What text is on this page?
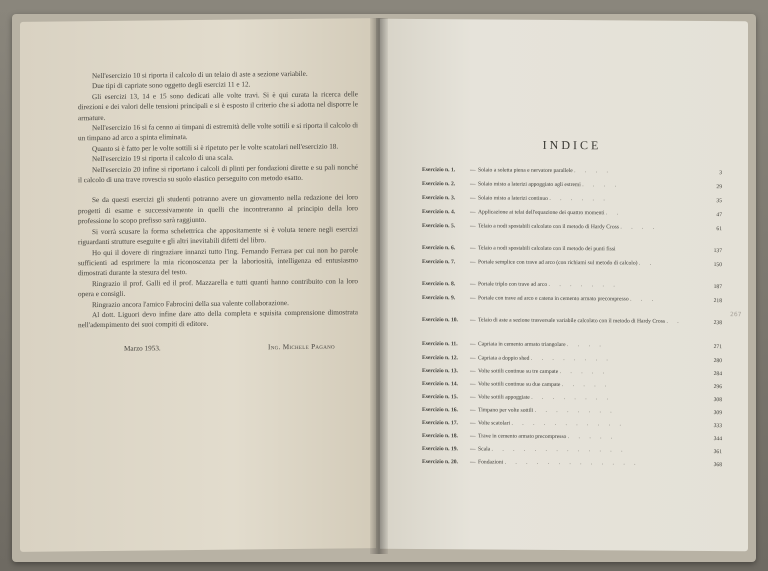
Nell'esercizio 10 si riporta il calcolo di un telaio di aste a sezione variabile.

Due tipi di capriate sono oggetto degli esercizi 11 e 12.

Gli esercizi 13, 14 e 15 sono dedicati alle volte travi. Si è qui curata la ricerca delle direzioni e dei valori delle tensioni principali e si è esposto il criterio che si adotta nel disporre le armature.

Nell'esercizio 16 si fa cenno ai timpani di estremità delle volte sottili e si riporta il calcolo di un timpano ad arco a spinta eliminata.

Quanto si è fatto per le volte sottili si è ripetuto per le volte scatolari nell'esercizio 18.

Nell'esercizio 19 si riporta il calcolo di una scala.

Nell'esercizio 20 infine si riportano i calcoli di plinti per fondazioni dirette e su pali nonché il calcolo di una trave rovescia su suolo elastico perseguito con metodo esatto.

Se da questi esercizi gli studenti potranno avere un giovamento nella redazione dei loro progetti di esame e successivamente in quelli che incontreranno al principio della loro professione lo scopo prefisso sarà raggiunto.

Si vorrà scusare la forma schelettrica che appositamente si è voluta tenere negli esercizi riguardanti strutture eseguite e gli altri inevitabili difetti del libro.

Ho qui il dovere di ringraziare innanzi tutto l'ing. Fernando Ferrara per cui non ho parole sufficienti ad esprimere la mia riconoscenza per la laboriosità, intelligenza ed entusiasmo dimostrati durante la stesura del testo.

Ringrazio il prof. Galli ed il prof. Mazzarella e tutti quanti hanno contribuito con la loro opera e consigli.

Ringrazio ancora l'amico Fabrocini della sua valente collaborazione.

Al dott. Liguori devo infine dare atto della completa e squisita comprensione dimostrata nell'adempimento dei suoi compiti di editore.

Marzo 1953.	Ing. Michele Pagano
INDICE
267
Esercizio n. 1.	— Solaio a soletta piena e nervatore parallele . . . .	3
Esercizio n. 2.	— Solaio misto a laterizi appoggiato agli estremi . . . .	29
Esercizio n. 3.	— Solaio misto a laterizi continuo . . . . . .	35
Esercizio n. 4.	— Applicazione ai telai dell'equazione dei quattro momenti . .	47
Esercizio n. 5.	— Telaio a nodi spostabili calcolato con il metodo di Hardy Cross . . . .	61
Esercizio n. 6.	— Telaio a nodi spostabili calcolato con il metodo dei punti fissi	137
Esercizio n. 7.	— Portale semplice con trave ad arco (con richiami sul metodo di calcolo) . .	150
Esercizio n. 8.	— Portale triplo con trave ad arco . . . . . . .	187
Esercizio n. 9.	— Portale con trave ad arco e catena in cemento armato precompresso . . .	218
Esercizio n. 10.	— Telaio di aste a sezione trasversale variabile calcolato con il metodo di Hardy Cross . .	238
Esercizio n. 11.	— Capriata in cemento armato triangolare . . . .	271
Esercizio n. 12.	— Capriata a doppio shed . . . . . . . .	280
Esercizio n. 13.	— Volte sottili continue su tre campate . . . . .	284
Esercizio n. 14.	— Volte sottili continue su due campate . . . . .	296
Esercizio n. 15.	— Volte sottili appoggiate . . . . . . . .	308
Esercizio n. 16.	— Timpano per volte sottili . . . . . . . .	309
Esercizio n. 17.	— Volte scatolari . . . . . . . . . . .	333
Esercizio n. 18.	— Trave in cemento armato precompresso . . . . .	344
Esercizio n. 19.	— Scala . . . . . . . . . . . . .	361
Esercizio n. 20.	— Fondazioni . . . . . . . . . . . . .	368
